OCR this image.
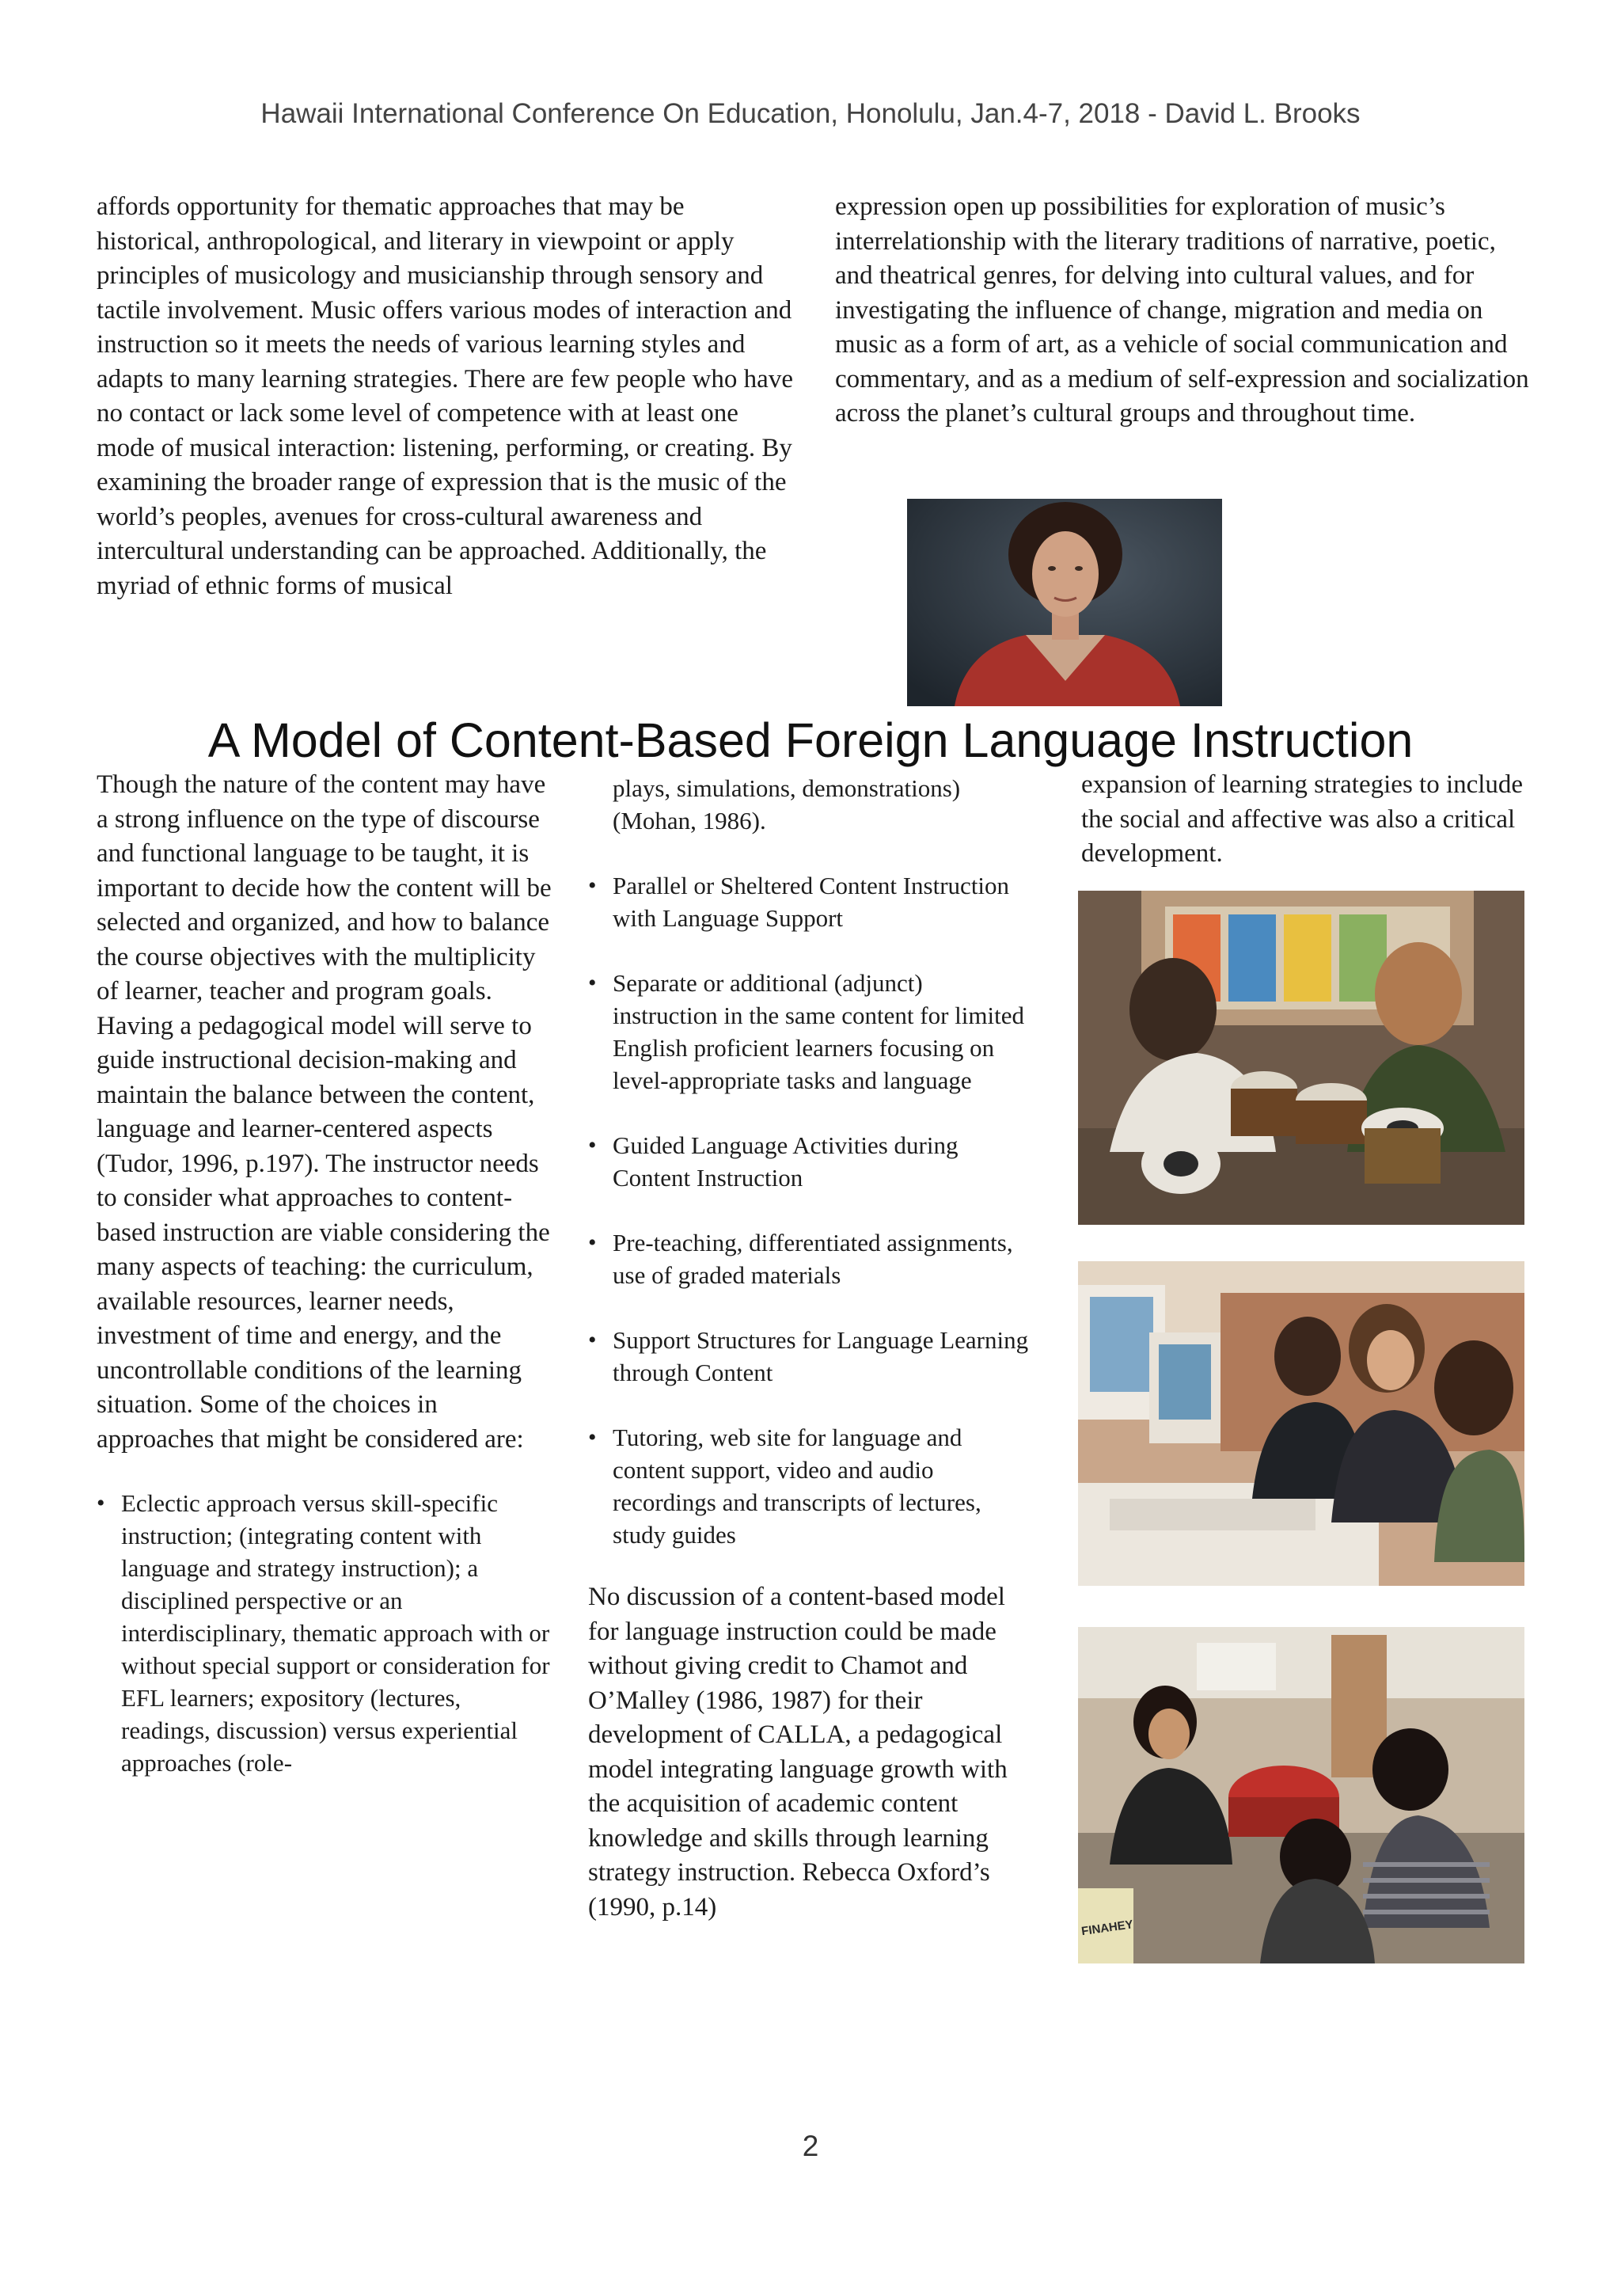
Hawaii International Conference On Education, Honolulu, Jan.4-7, 2018 - David L. Brooks

affords opportunity for thematic approaches that may be historical, anthropological, and literary in viewpoint or apply principles of musicology and musicianship through sensory and tactile involvement. Music offers various modes of interaction and instruction so it meets the needs of various learning styles and adapts to many learning strategies. There are few people who have no contact or lack some level of competence with at least one mode of musical interaction: listening, performing, or creating. By examining the broader range of expression that is the music of the world’s peoples, avenues for cross-cultural awareness and intercultural understanding can be approached. Additionally, the myriad of ethnic forms of musical

expression open up possibilities for exploration of music’s interrelationship with the literary traditions of narrative, poetic, and theatrical genres, for delving into cultural values, and for investigating the influence of change, migration and media on music as a form of art, as a vehicle of social communication and commentary, and as a medium of self-expression and socialization across the planet’s cultural groups and throughout time.

A Model of Content-Based Foreign Language Instruction

Though the nature of the content may have a strong influence on the type of discourse and functional language to be taught, it is important to decide how the content will be selected and organized, and how to balance the course objectives with the multiplicity of learner, teacher and program goals. Having a pedagogical model will serve to guide instructional decision-making and maintain the balance between the content, language and learner-centered aspects (Tudor, 1996, p.197). The instructor needs to consider what approaches to content-based instruction are viable considering the many aspects of teaching: the curriculum, available resources, learner needs, investment of time and energy, and the uncontrollable conditions of the learning situation. Some of the choices in approaches that might be considered are:

• Eclectic approach versus skill-specific instruction; (integrating content with language and strategy instruction); a disciplined perspective or an interdisciplinary, thematic approach with or without special support or consideration for EFL learners; expository (lectures, readings, discussion) versus experiential approaches (role-

plays, simulations, demonstrations) (Mohan, 1986).

• Parallel or Sheltered Content Instruction with Language Support
• Separate or additional (adjunct) instruction in the same content for limited English proficient learners focusing on level-appropriate tasks and language
• Guided Language Activities during Content Instruction
• Pre-teaching, differentiated assignments, use of graded materials
• Support Structures for Language Learning through Content
• Tutoring, web site for language and content support, video and audio recordings and transcripts of lectures, study guides

No discussion of a content-based model for language instruction could be made without giving credit to Chamot and O’Malley (1986, 1987) for their development of CALLA, a pedagogical model integrating language growth with the acquisition of academic content knowledge and skills through learning strategy instruction. Rebecca Oxford’s (1990, p.14)

expansion of learning strategies to include the social and affective was also a critical development.

FINAHEY
2
